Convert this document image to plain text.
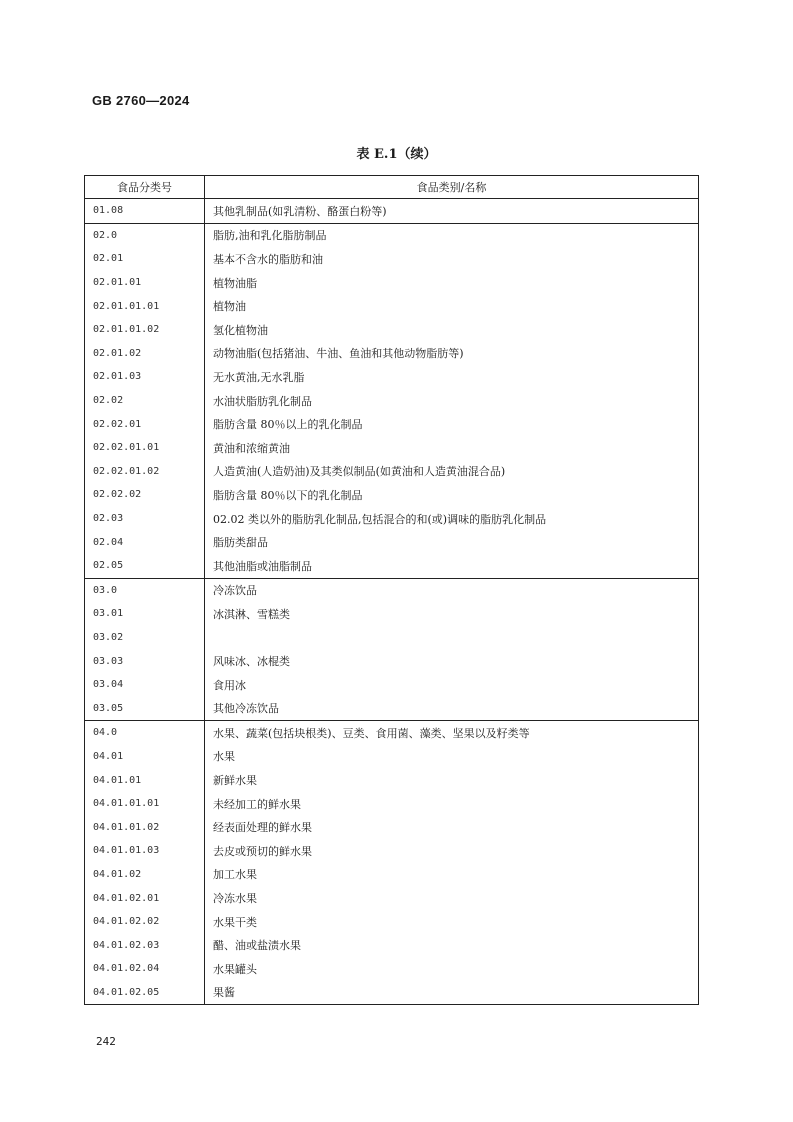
GB 2760—2024
表 E.1（续）
食品分类号	食品类别/名称
01.08	其他乳制品(如乳清粉、酪蛋白粉等)
02.0	脂肪,油和乳化脂肪制品
02.01	基本不含水的脂肪和油
02.01.01	植物油脂
02.01.01.01	植物油
02.01.01.02	氢化植物油
02.01.02	动物油脂(包括猪油、牛油、鱼油和其他动物脂肪等)
02.01.03	无水黄油,无水乳脂
02.02	水油状脂肪乳化制品
02.02.01	脂肪含量 80％以上的乳化制品
02.02.01.01	黄油和浓缩黄油
02.02.01.02	人造黄油(人造奶油)及其类似制品(如黄油和人造黄油混合品)
02.02.02	脂肪含量 80％以下的乳化制品
02.03	02.02 类以外的脂肪乳化制品,包括混合的和(或)调味的脂肪乳化制品
02.04	脂肪类甜品
02.05	其他油脂或油脂制品
03.0	冷冻饮品
03.01	冰淇淋、雪糕类
03.02	
03.03	风味冰、冰棍类
03.04	食用冰
03.05	其他冷冻饮品
04.0	水果、蔬菜(包括块根类)、豆类、食用菌、藻类、坚果以及籽类等
04.01	水果
04.01.01	新鲜水果
04.01.01.01	未经加工的鲜水果
04.01.01.02	经表面处理的鲜水果
04.01.01.03	去皮或预切的鲜水果
04.01.02	加工水果
04.01.02.01	冷冻水果
04.01.02.02	水果干类
04.01.02.03	醋、油或盐渍水果
04.01.02.04	水果罐头
04.01.02.05	果酱
242
